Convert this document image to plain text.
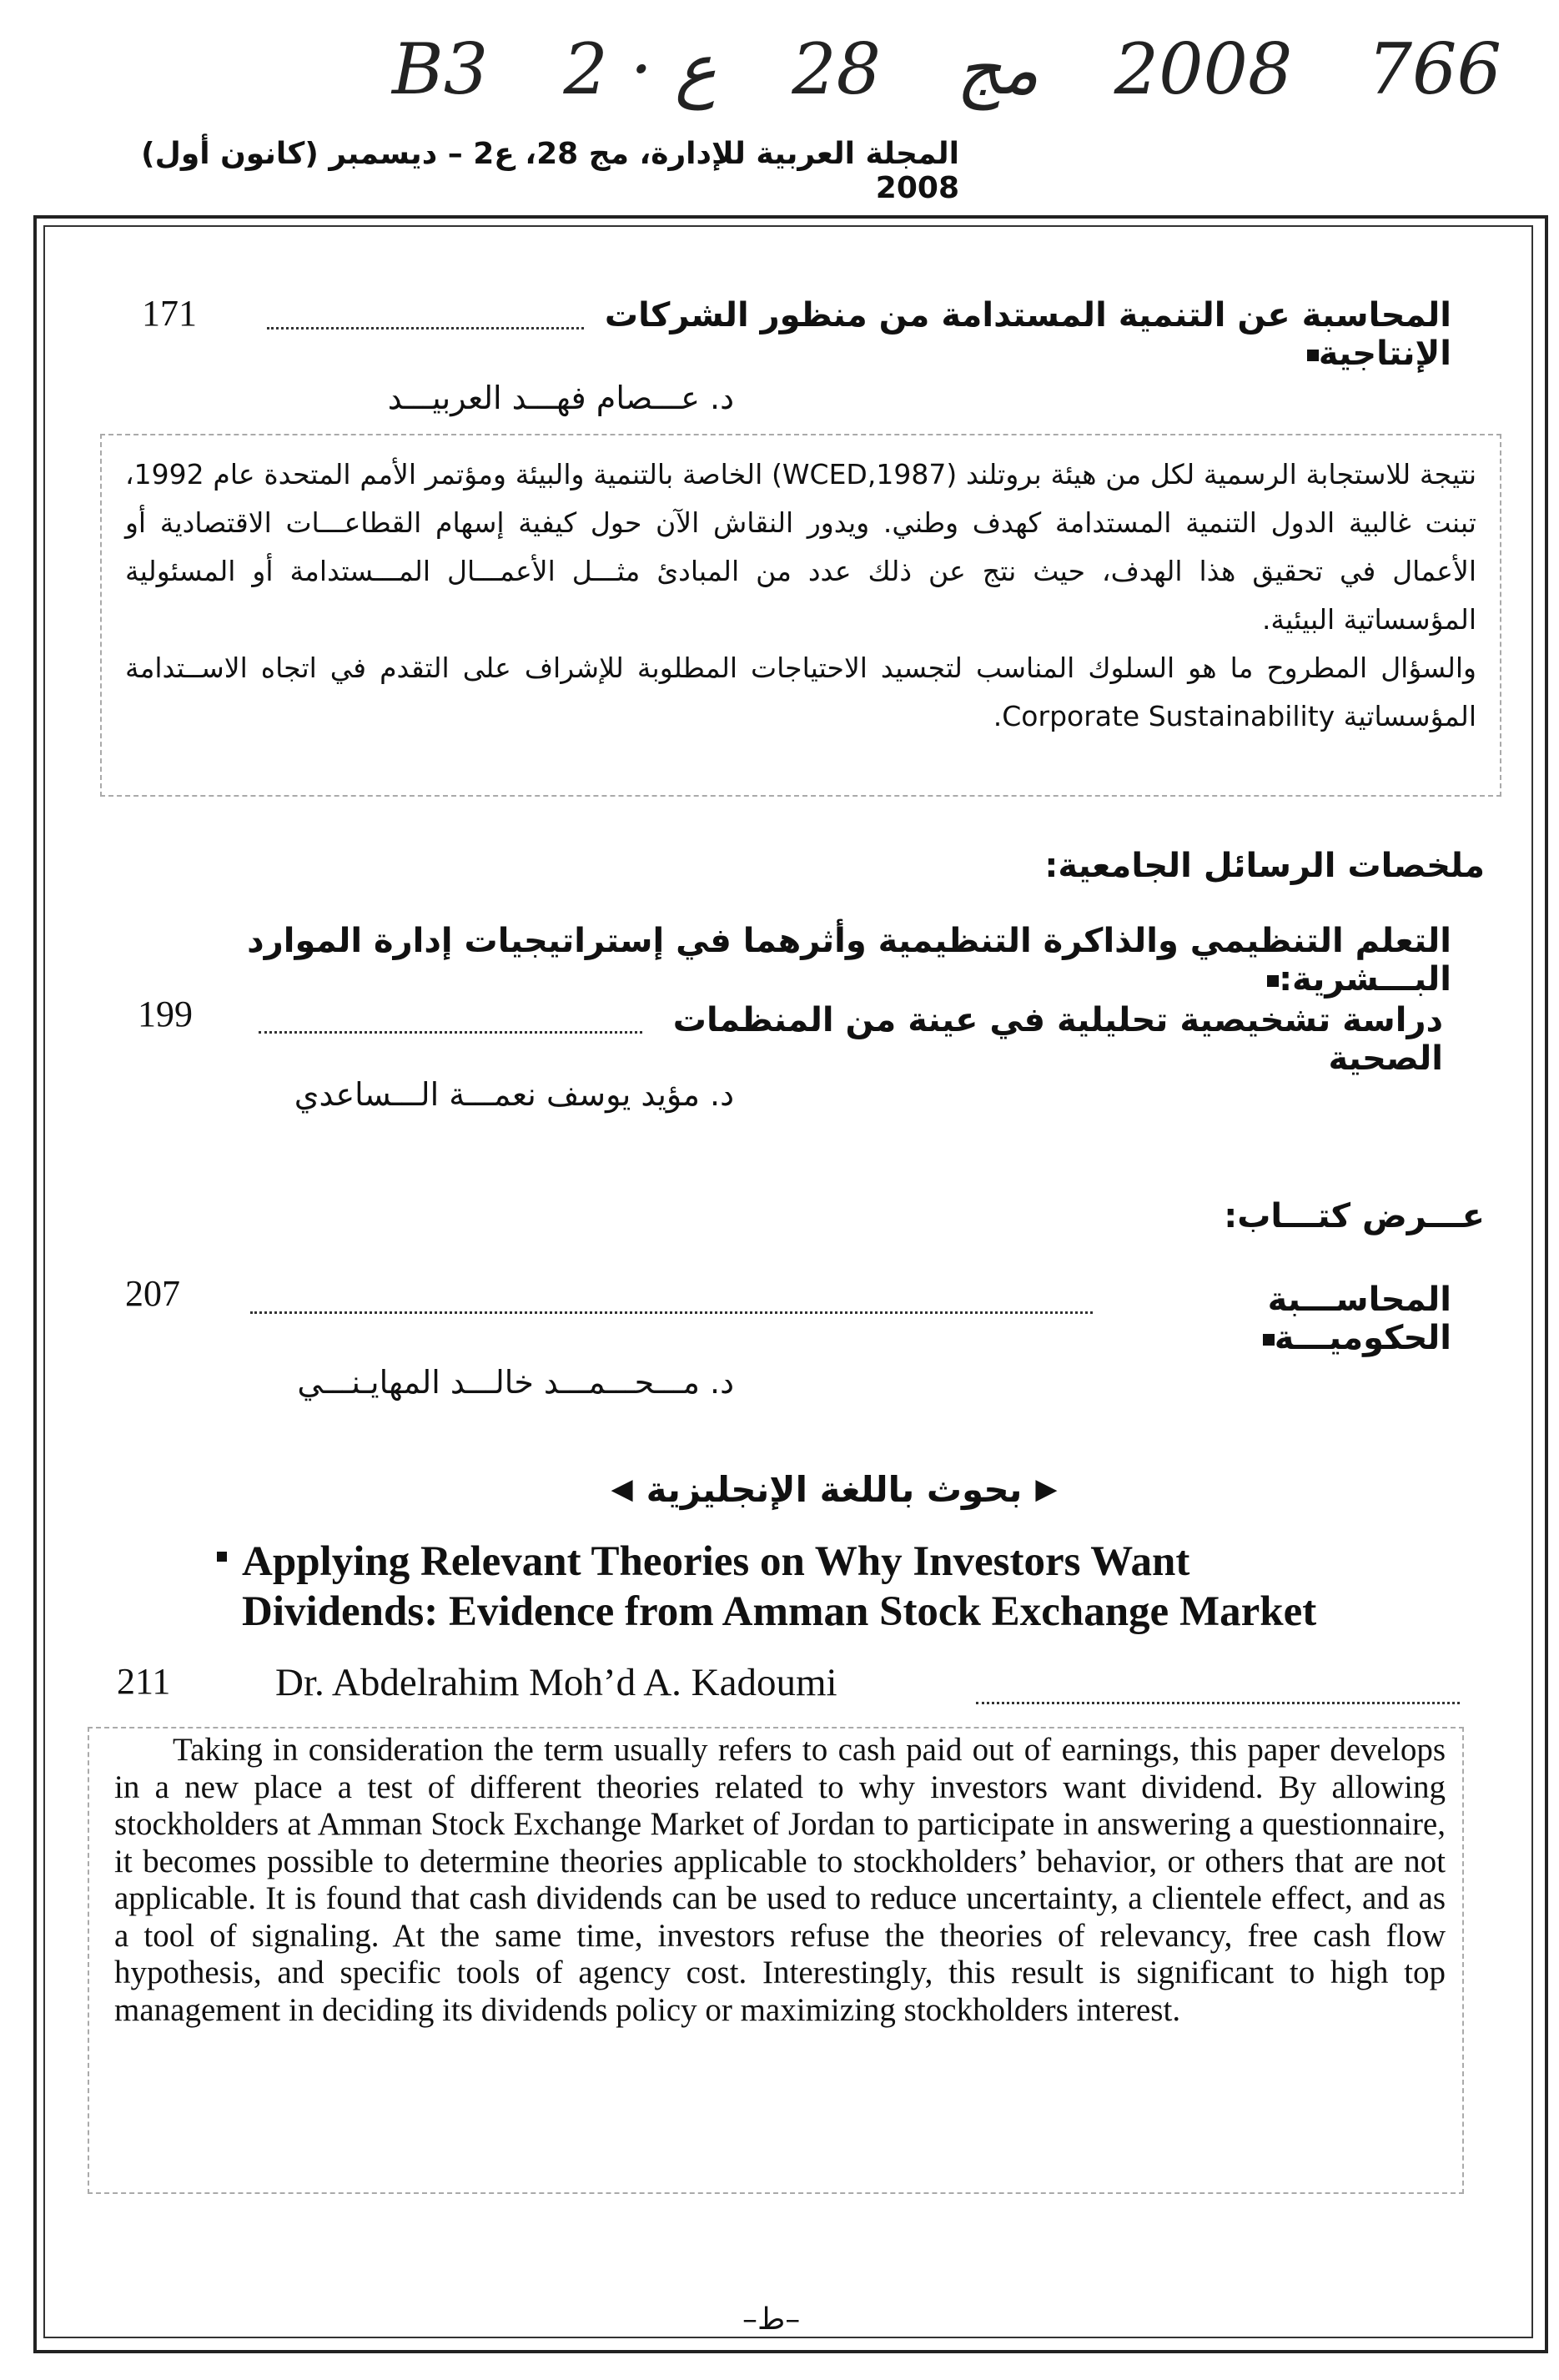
B3 2 · ع 28 مج 2008 766
المجلة العربية للإدارة، مج 28، ع2 – ديسمبر (كانون أول) 2008
171	المحاسبة عن التنمية المستدامة من منظور الشركات الإنتاجية
د. عـــصام فهـــد العربيـــد

نتيجة للاستجابة الرسمية لكل من هيئة بروتلند (WCED,1987) الخاصة بالتنمية والبيئة ومؤتمر الأمم المتحدة عام 1992، تبنت غالبية الدول التنمية المستدامة كهدف وطني. ويدور النقاش الآن حول كيفية إسهام القطاعـــات الاقتصادية أو الأعمال في تحقيق هذا الهدف، حيث نتج عن ذلك عدد من المبادئ مثـــل الأعمـــال المـــستدامة أو المسئولية المؤسساتية البيئية.

والسؤال المطروح ما هو السلوك المناسب لتجسيد الاحتياجات المطلوبة للإشراف على التقدم في اتجاه الاســتدامة المؤسساتية Corporate Sustainability.

ملخصات الرسائل الجامعية:
التعلم التنظيمي والذاكرة التنظيمية وأثرهما في إستراتيجيات إدارة الموارد البـــشرية:
199	دراسة تشخيصية تحليلية في عينة من المنظمات الصحية
د. مؤيد يوسف نعمـــة الـــساعدي
عـــرض كتـــاب:
207	المحاســـبة الحكوميـــة
د. مـــحـــمـــد خالـــد المهايـنـــي
▶
بحوث باللغة الإنجليزية
◀
Applying Relevant Theories on Why Investors Want
Dividends: Evidence from Amman Stock Exchange Market
211	Dr. Abdelrahim Moh’d A. Kadoumi

Taking in consideration the term usually refers to cash paid out of earnings, this paper develops in a new place a test of different theories related to why investors want dividend. By allowing stockholders at Amman Stock Exchange Market of Jordan to participate in answering a questionnaire, it becomes possible to determine theories applicable to stockholders’ behavior, or others that are not applicable. It is found that cash dividends can be used to reduce uncertainty, a clientele effect, and as a tool of signaling. At the same time, investors refuse the theories of relevancy, free cash flow hypothesis, and specific tools of agency cost. Interestingly, this result is significant to high top management in deciding its dividends policy or maximizing stockholders interest.

–ط–
